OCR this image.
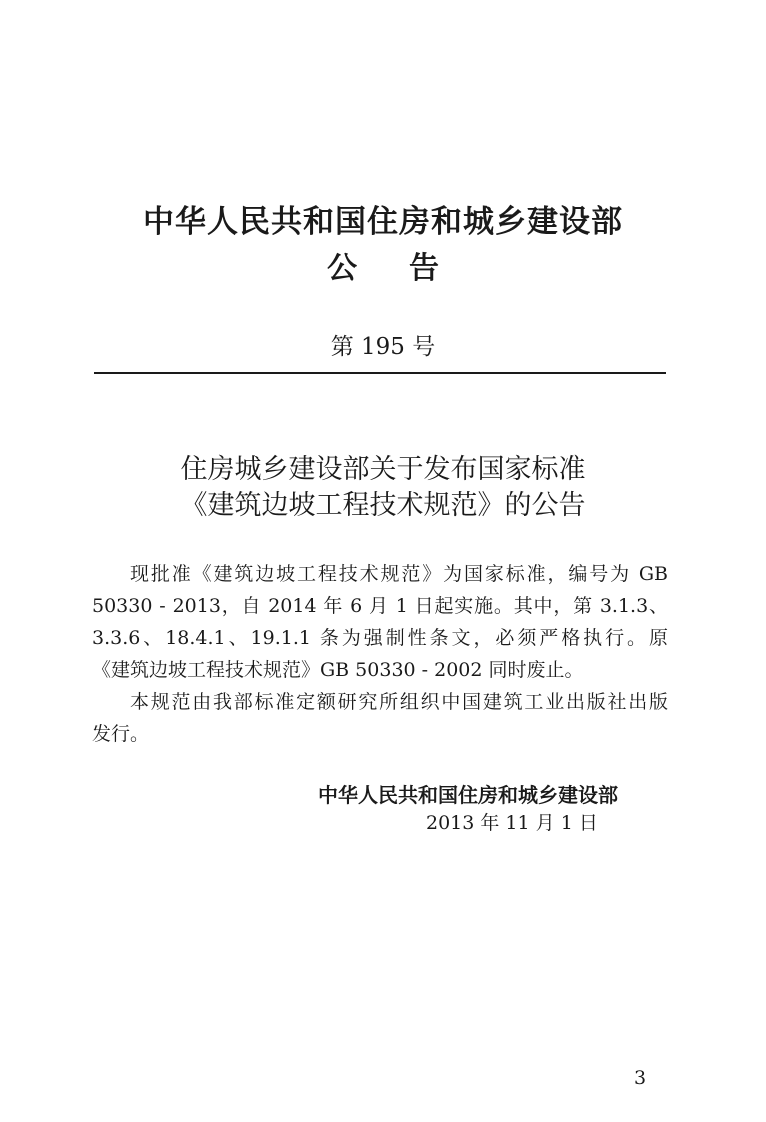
中华人民共和国住房和城乡建设部
公告
第 195 号
住房城乡建设部关于发布国家标准
《建筑边坡工程技术规范》的公告
现批准《建筑边坡工程技术规范》为国家标准，编号为 GB
50330 - 2013，自 2014 年 6 月 1 日起实施。其中，第 3.1.3、
3.3.6、18.4.1、19.1.1 条为强制性条文，必须严格执行。原
《建筑边坡工程技术规范》GB 50330 - 2002 同时废止。
本规范由我部标准定额研究所组织中国建筑工业出版社出版
发行。
中华人民共和国住房和城乡建设部
2013 年 11 月 1 日
3
